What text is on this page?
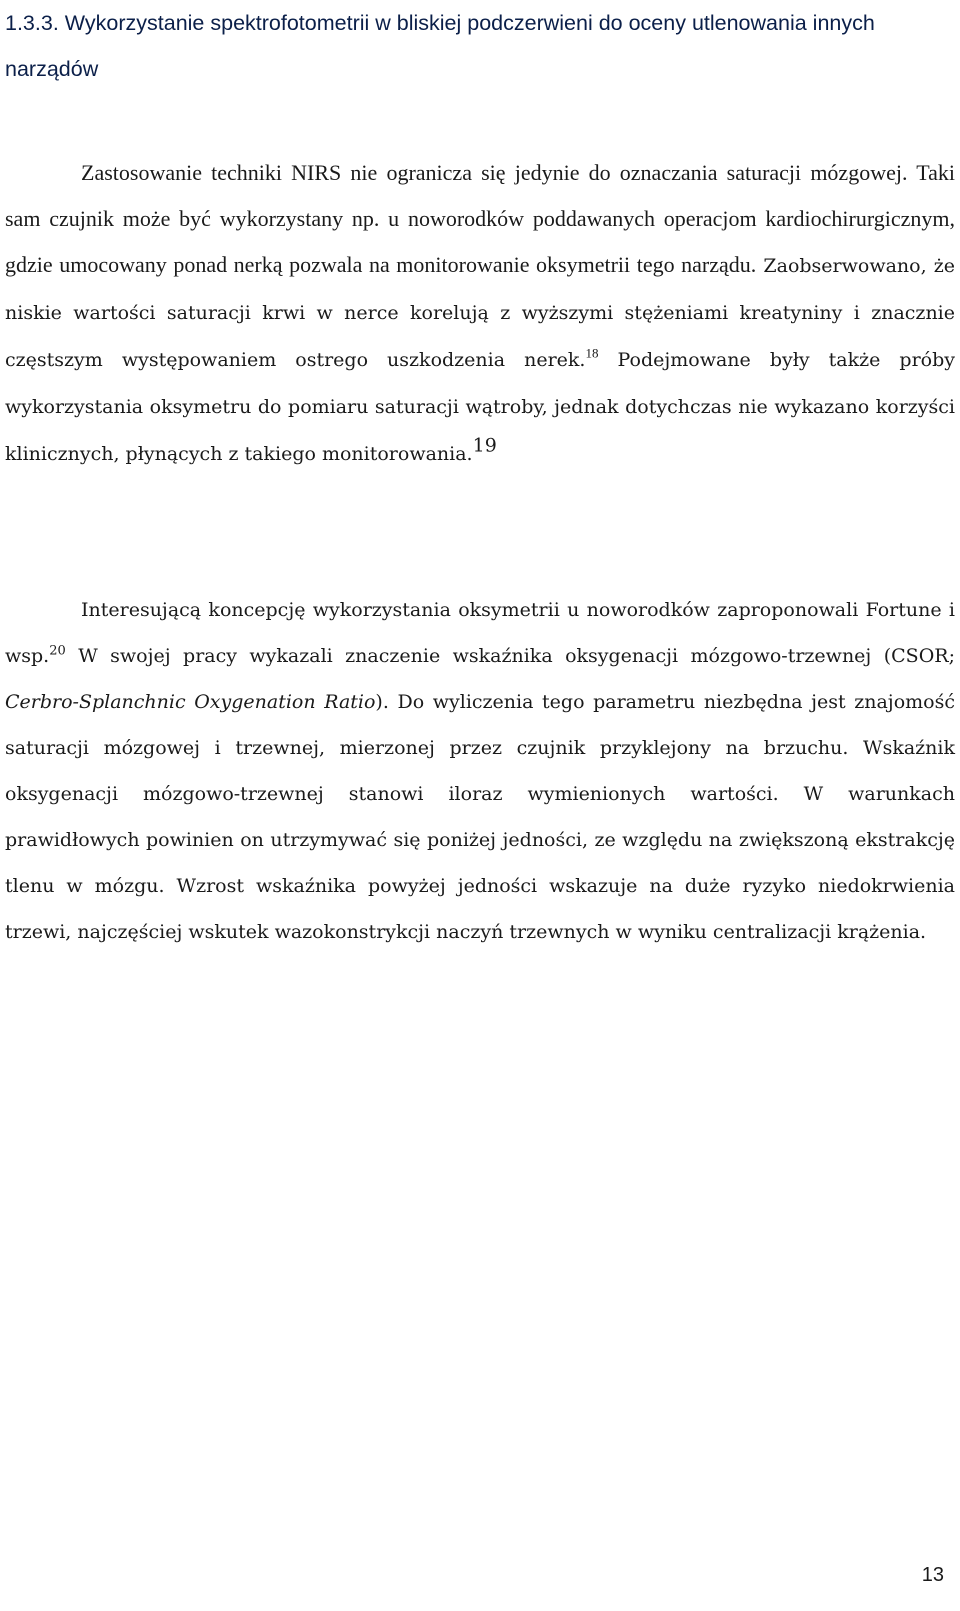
1.3.3. Wykorzystanie spektrofotometrii w bliskiej podczerwieni do oceny utlenowania innych narządów

Zastosowanie techniki NIRS nie ogranicza się jedynie do oznaczania saturacji mózgowej. Taki sam czujnik może być wykorzystany np. u noworodków poddawanych operacjom kardiochirurgicznym, gdzie umocowany ponad nerką pozwala na monitorowanie oksymetrii tego narządu. Zaobserwowano, że niskie wartości saturacji krwi w nerce korelują z wyższymi stężeniami kreatyniny i znacznie częstszym występowaniem ostrego uszkodzenia nerek.$^{18}$ Podejmowane były także próby wykorzystania oksymetru do pomiaru saturacji wątroby, jednak dotychczas nie wykazano korzyści klinicznych, płynących z takiego monitorowania.$^{19}$

Interesującą koncepcję wykorzystania oksymetrii u noworodków zaproponowali Fortune i wsp.$^{20}$ W swojej pracy wykazali znaczenie wskaźnika oksygenacji mózgowo-trzewnej (CSOR; Cerbro-Splanchnic Oxygenation Ratio). Do wyliczenia tego parametru niezbędna jest znajomość saturacji mózgowej i trzewnej, mierzonej przez czujnik przyklejony na brzuchu. Wskaźnik oksygenacji mózgowo-trzewnej stanowi iloraz wymienionych wartości. W warunkach prawidłowych powinien on utrzymywać się poniżej jedności, ze względu na zwiększoną ekstrakcję tlenu w mózgu. Wzrost wskaźnika powyżej jedności wskazuje na duże ryzyko niedokrwienia trzewi, najczęściej wskutek wazokonstrykcji naczyń trzewnych w wyniku centralizacji krążenia.

13
